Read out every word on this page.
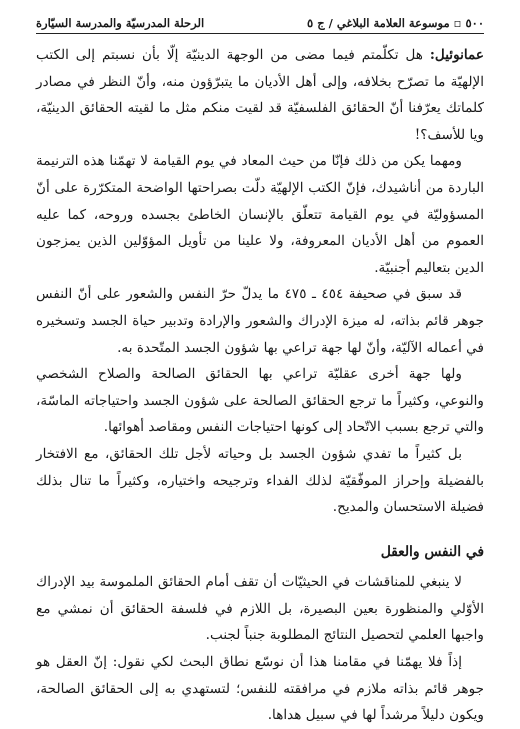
٥٠٠ ▫ موسوعة العلامة البلاغي / ج ٥
الرحلة المدرسيّة والمدرسة السيّارة

عمانوئيل: هل تكلّمتم فيما مضى من الوجهة الدينيّة إلّا بأن نسبتم إلى الكتب الإلهيّة ما تصرّح بخلافه، وإلى أهل الأديان ما يتبرّؤون منه، وأنّ النظر في مصادر كلماتك يعرّفنا أنّ الحقائق الفلسفيّة قد لقيت منكم مثل ما لقيته الحقائق الدينيّة، ويا للأسف؟!

ومهما يكن من ذلك فإنّا من حيث المعاد في يوم القيامة لا تهمّنا هذه الترنيمة الباردة من أناشيدك، فإنّ الكتب الإلهيّة دلّت بصراحتها الواضحة المتكرّرة على أنّ المسؤوليّة في يوم القيامة تتعلّق بالإنسان الخاطئ بجسده وروحه، كما عليه العموم من أهل الأديان المعروفة، ولا علينا من تأويل المؤوّلين الذين يمزجون الدين بتعاليم أجنبيّة.

قد سبق في صحيفة ٤٥٤ ـ ٤٧٥ ما يدلّ حرّ النفس والشعور على أنّ النفس جوهر قائم بذاته، له ميزة الإدراك والشعور والإرادة وتدبير حياة الجسد وتسخيره في أعماله الآليّة، وأنّ لها جهة تراعي بها شؤون الجسد المتّحدة به.

ولها جهة أخرى عقليّة تراعي بها الحقائق الصالحة والصلاح الشخصي والنوعي، وكثيراً ما ترجع الحقائق الصالحة على شؤون الجسد واحتياجاته الماسّة، والتي ترجع بسبب الاتّحاد إلى كونها احتياجات النفس ومقاصد أهوائها.

بل كثيراً ما تفدي شؤون الجسد بل وحياته لأجل تلك الحقائق، مع الافتخار بالفضيلة وإحراز الموفّقيّة لذلك الفداء وترجيحه واختياره، وكثيراً ما تنال بذلك فضيلة الاستحسان والمديح.

في النفس والعقل

لا ينبغي للمناقشات في الحيثيّات أن تقف أمام الحقائق الملموسة بيد الإدراك الأوّلي والمنظورة بعين البصيرة، بل اللازم في فلسفة الحقائق أن نمشي مع واجبها العلمي لتحصيل النتائج المطلوبة جنباً لجنب.

إذاً فلا يهمّنا في مقامنا هذا أن نوسّع نطاق البحث لكي نقول: إنّ العقل هو جوهر قائم بذاته ملازم في مرافقته للنفس؛ لتستهدي به إلى الحقائق الصالحة، ويكون دليلاً مرشداً لها في سبيل هداها.
